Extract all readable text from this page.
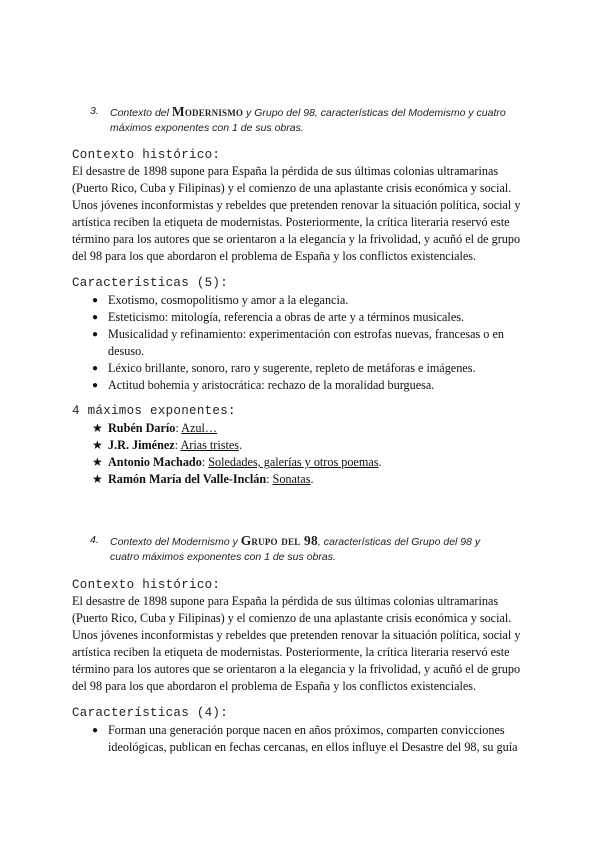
3. Contexto del Modernismo y Grupo del 98, características del Modemismo y cuatro
máximos exponentes con 1 de sus obras.
Contexto histórico:
El desastre de 1898 supone para España la pérdida de sus últimas colonias ultramarinas
(Puerto Rico, Cuba y Filipinas) y el comienzo de una aplastante crisis económica y social.
Unos jóvenes inconformistas y rebeldes que pretenden renovar la situación política, social y
artística reciben la etiqueta de modernistas. Posteriormente, la crítica literaria reservó este
término para los autores que se orientaron a la elegancia y la frivolidad, y acuñó el de grupo
del 98 para los que abordaron el problema de España y los conflictos existenciales.
Características (5):
● Exotismo, cosmopolitismo y amor a la elegancia.
● Esteticismo: mitología, referencia a obras de arte y a términos musicales.
● Musicalidad y refinamiento: experimentación con estrofas nuevas, francesas o en
desuso.
● Léxico brillante, sonoro, raro y sugerente, repleto de metáforas e imágenes.
● Actitud bohemia y aristocrática: rechazo de la moralidad burguesa.
4 máximos exponentes:
★ Rubén Darío: Azul…
★ J.R. Jiménez: Arias tristes.
★ Antonio Machado: Soledades, galerías y otros poemas.
★ Ramón María del Valle-Inclán: Sonatas.
4. Contexto del Modernismo y Grupo del 98, características del Grupo del 98 y
cuatro máximos exponentes con 1 de sus obras.
Contexto histórico:
El desastre de 1898 supone para España la pérdida de sus últimas colonias ultramarinas
(Puerto Rico, Cuba y Filipinas) y el comienzo de una aplastante crisis económica y social.
Unos jóvenes inconformistas y rebeldes que pretenden renovar la situación política, social y
artística reciben la etiqueta de modernistas. Posteriormente, la crítica literaria reservó este
término para los autores que se orientaron a la elegancia y la frivolidad, y acuñó el de grupo
del 98 para los que abordaron el problema de España y los conflictos existenciales.
Características (4):
● Forman una generación porque nacen en años próximos, comparten convicciones
ideológicas, publican en fechas cercanas, en ellos influye el Desastre del 98, su guía
